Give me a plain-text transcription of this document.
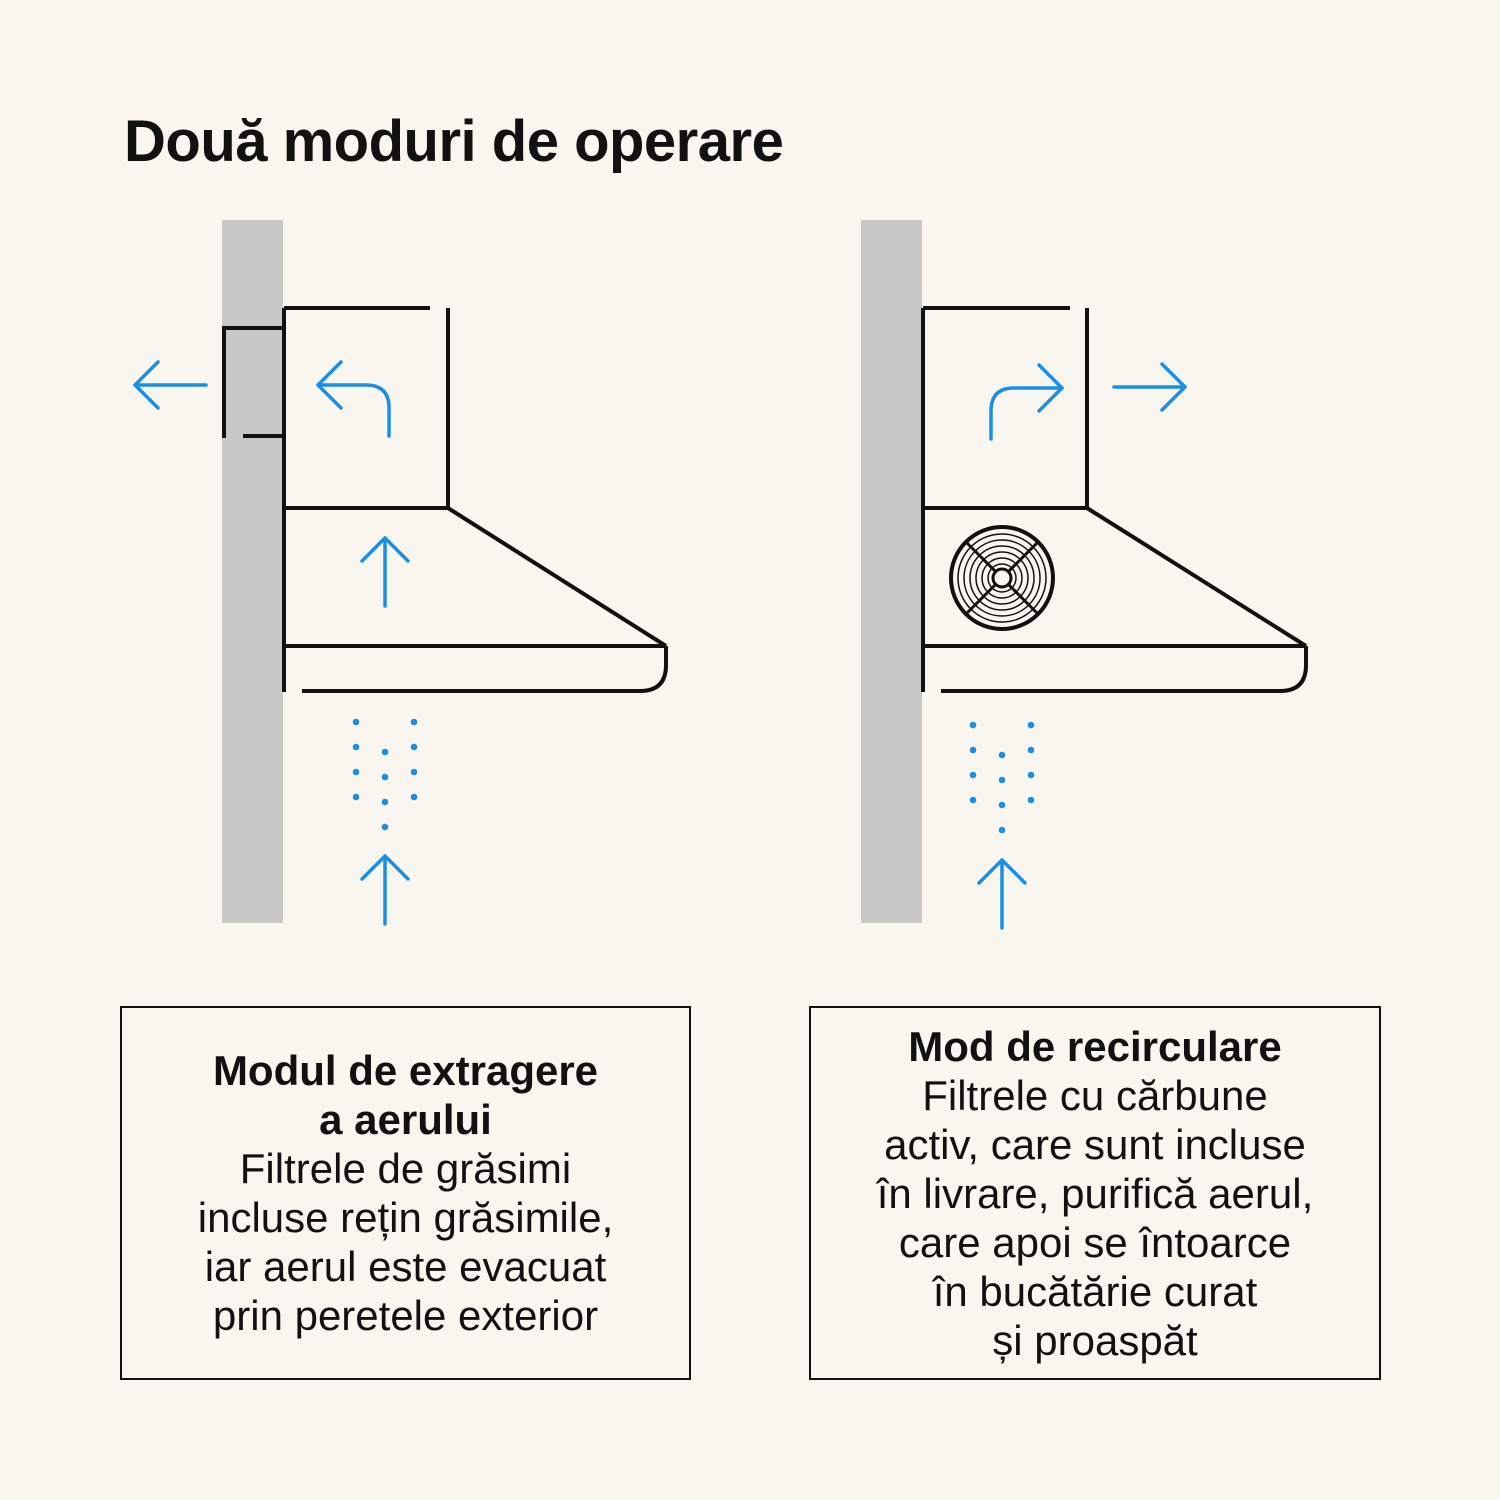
Două moduri de operare
Modul de extragere
a aerului
Filtrele de grăsimi
incluse rețin grăsimile,
iar aerul este evacuat
prin peretele exterior
Mod de recirculare
Filtrele cu cărbune
activ, care sunt incluse
în livrare, purifică aerul,
care apoi se întoarce
în bucătărie curat
și proaspăt
